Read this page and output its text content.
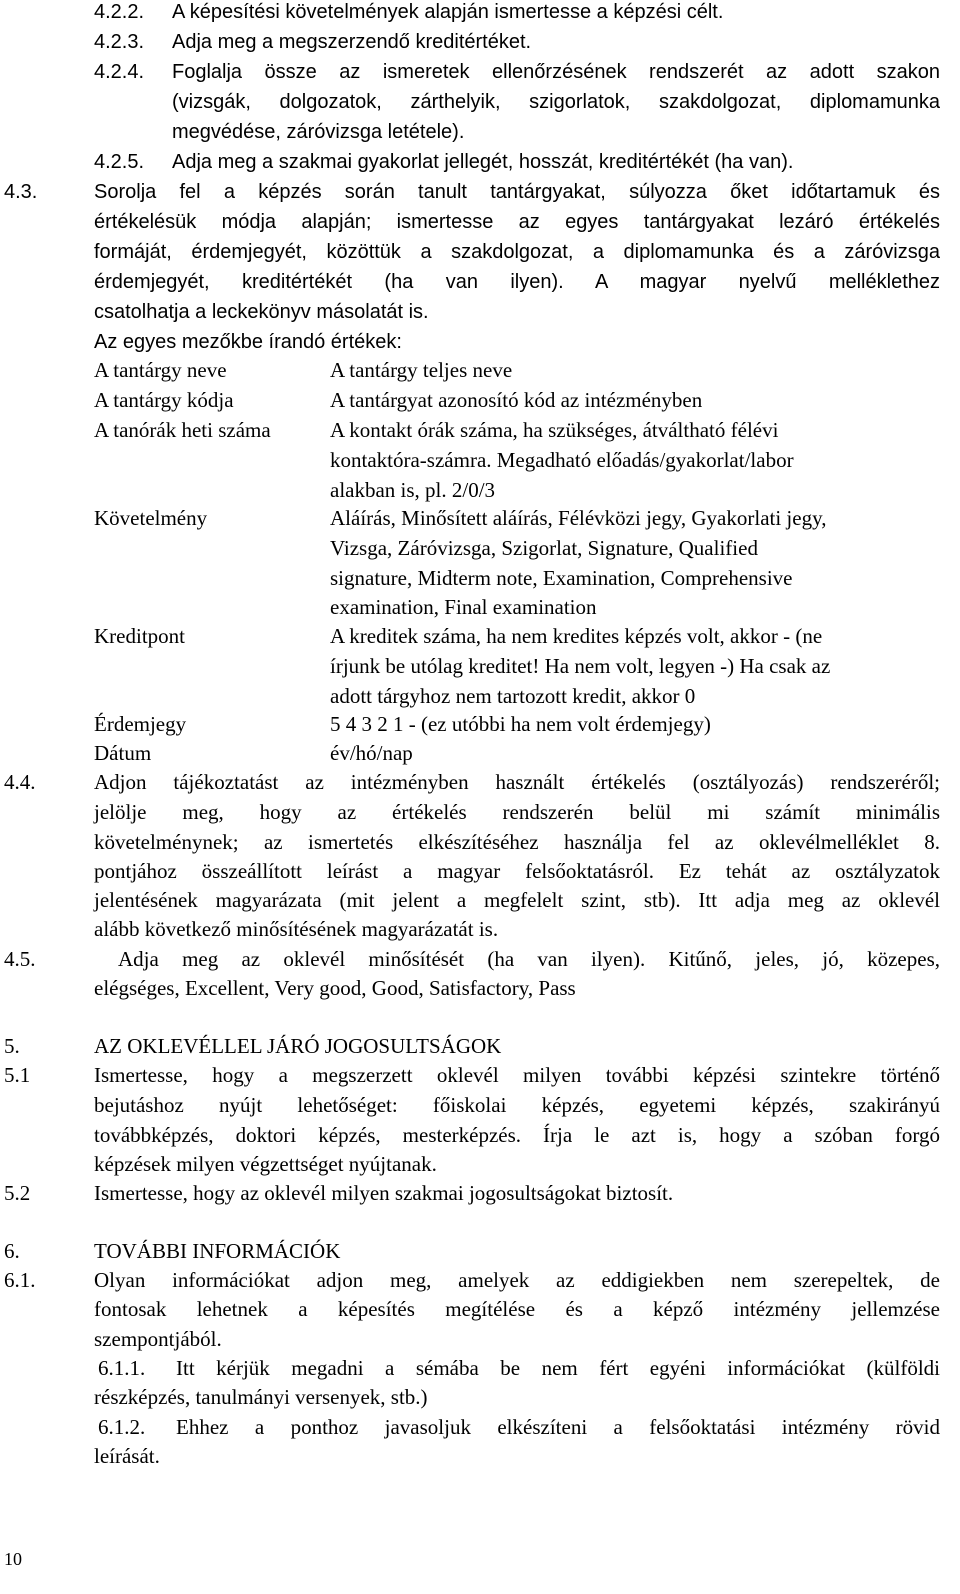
4.2.2. A képesítési követelmények alapján ismertesse a képzési célt.
4.2.3. Adja meg a megszerzendő kreditértéket.
4.2.4. Foglalja össze az ismeretek ellenőrzésének rendszerét az adott szakon
(vizsgák, dolgozatok, zárthelyik, szigorlatok, szakdolgozat, diplomamunka
megvédése, záróvizsga letétele).
4.2.5. Adja meg a szakmai gyakorlat jellegét, hosszát, kreditértékét (ha van).
4.3.	Sorolja fel a képzés során tanult tantárgyakat, súlyozza őket időtartamuk és
értékelésük módja alapján; ismertesse az egyes tantárgyakat lezáró értékelés
formáját, érdemjegyét, közöttük a szakdolgozat, a diplomamunka és a záróvizsga
érdemjegyét, kreditértékét (ha van ilyen). A magyar nyelvű melléklethez
csatolhatja a leckekönyv másolatát is.
Az egyes mezőkbe írandó értékek:
A tantárgy neve	A tantárgy teljes neve
A tantárgy kódja	A tantárgyat azonosító kód az intézményben
A tanórák heti száma	A kontakt órák száma, ha szükséges, átváltható félévi
kontaktóra-számra. Megadható előadás/gyakorlat/labor
alakban is, pl. 2/0/3
Követelmény	Aláírás, Minősített aláírás, Félévközi jegy, Gyakorlati jegy,
Vizsga, Záróvizsga, Szigorlat, Signature, Qualified
signature, Midterm note, Examination, Comprehensive
examination, Final examination
Kreditpont	A kreditek száma, ha nem kredites képzés volt, akkor - (ne
írjunk be utólag kreditet! Ha nem volt, legyen -) Ha csak az
adott tárgyhoz nem tartozott kredit, akkor 0
Érdemjegy	5 4 3 2 1 - (ez utóbbi ha nem volt érdemjegy)
Dátum	év/hó/nap
4.4.	Adjon tájékoztatást az intézményben használt értékelés (osztályozás) rendszeréről;
jelölje meg, hogy az értékelés rendszerén belül mi számít minimális
követelménynek; az ismertetés elkészítéséhez használja fel az oklevélmelléklet 8.
pontjához összeállított leírást a magyar felsőoktatásról. Ez tehát az osztályzatok
jelentésének magyarázata (mit jelent a megfelelt szint, stb). Itt adja meg az oklevél
alább következő minősítésének magyarázatát is.
4.5.	Adja meg az oklevél minősítését (ha van ilyen). Kitűnő, jeles, jó, közepes,
elégséges, Excellent, Very good, Good, Satisfactory, Pass
5.	AZ OKLEVÉLLEL JÁRÓ JOGOSULTSÁGOK
5.1	Ismertesse, hogy a megszerzett oklevél milyen további képzési szintekre történő
bejutáshoz nyújt lehetőséget: főiskolai képzés, egyetemi képzés, szakirányú
továbbképzés, doktori képzés, mesterképzés. Írja le azt is, hogy a szóban forgó
képzések milyen végzettséget nyújtanak.
5.2	Ismertesse, hogy az oklevél milyen szakmai jogosultságokat biztosít.
6.	TOVÁBBI INFORMÁCIÓK
6.1.	Olyan információkat adjon meg, amelyek az eddigiekben nem szerepeltek, de
fontosak lehetnek a képesítés megítélése és a képző intézmény jellemzése
szempontjából.
6.1.1. Itt kérjük megadni a sémába be nem fért egyéni információkat (külföldi
részképzés, tanulmányi versenyek, stb.)
6.1.2. Ehhez a ponthoz javasoljuk elkészíteni a felsőoktatási intézmény rövid
leírását.
10
